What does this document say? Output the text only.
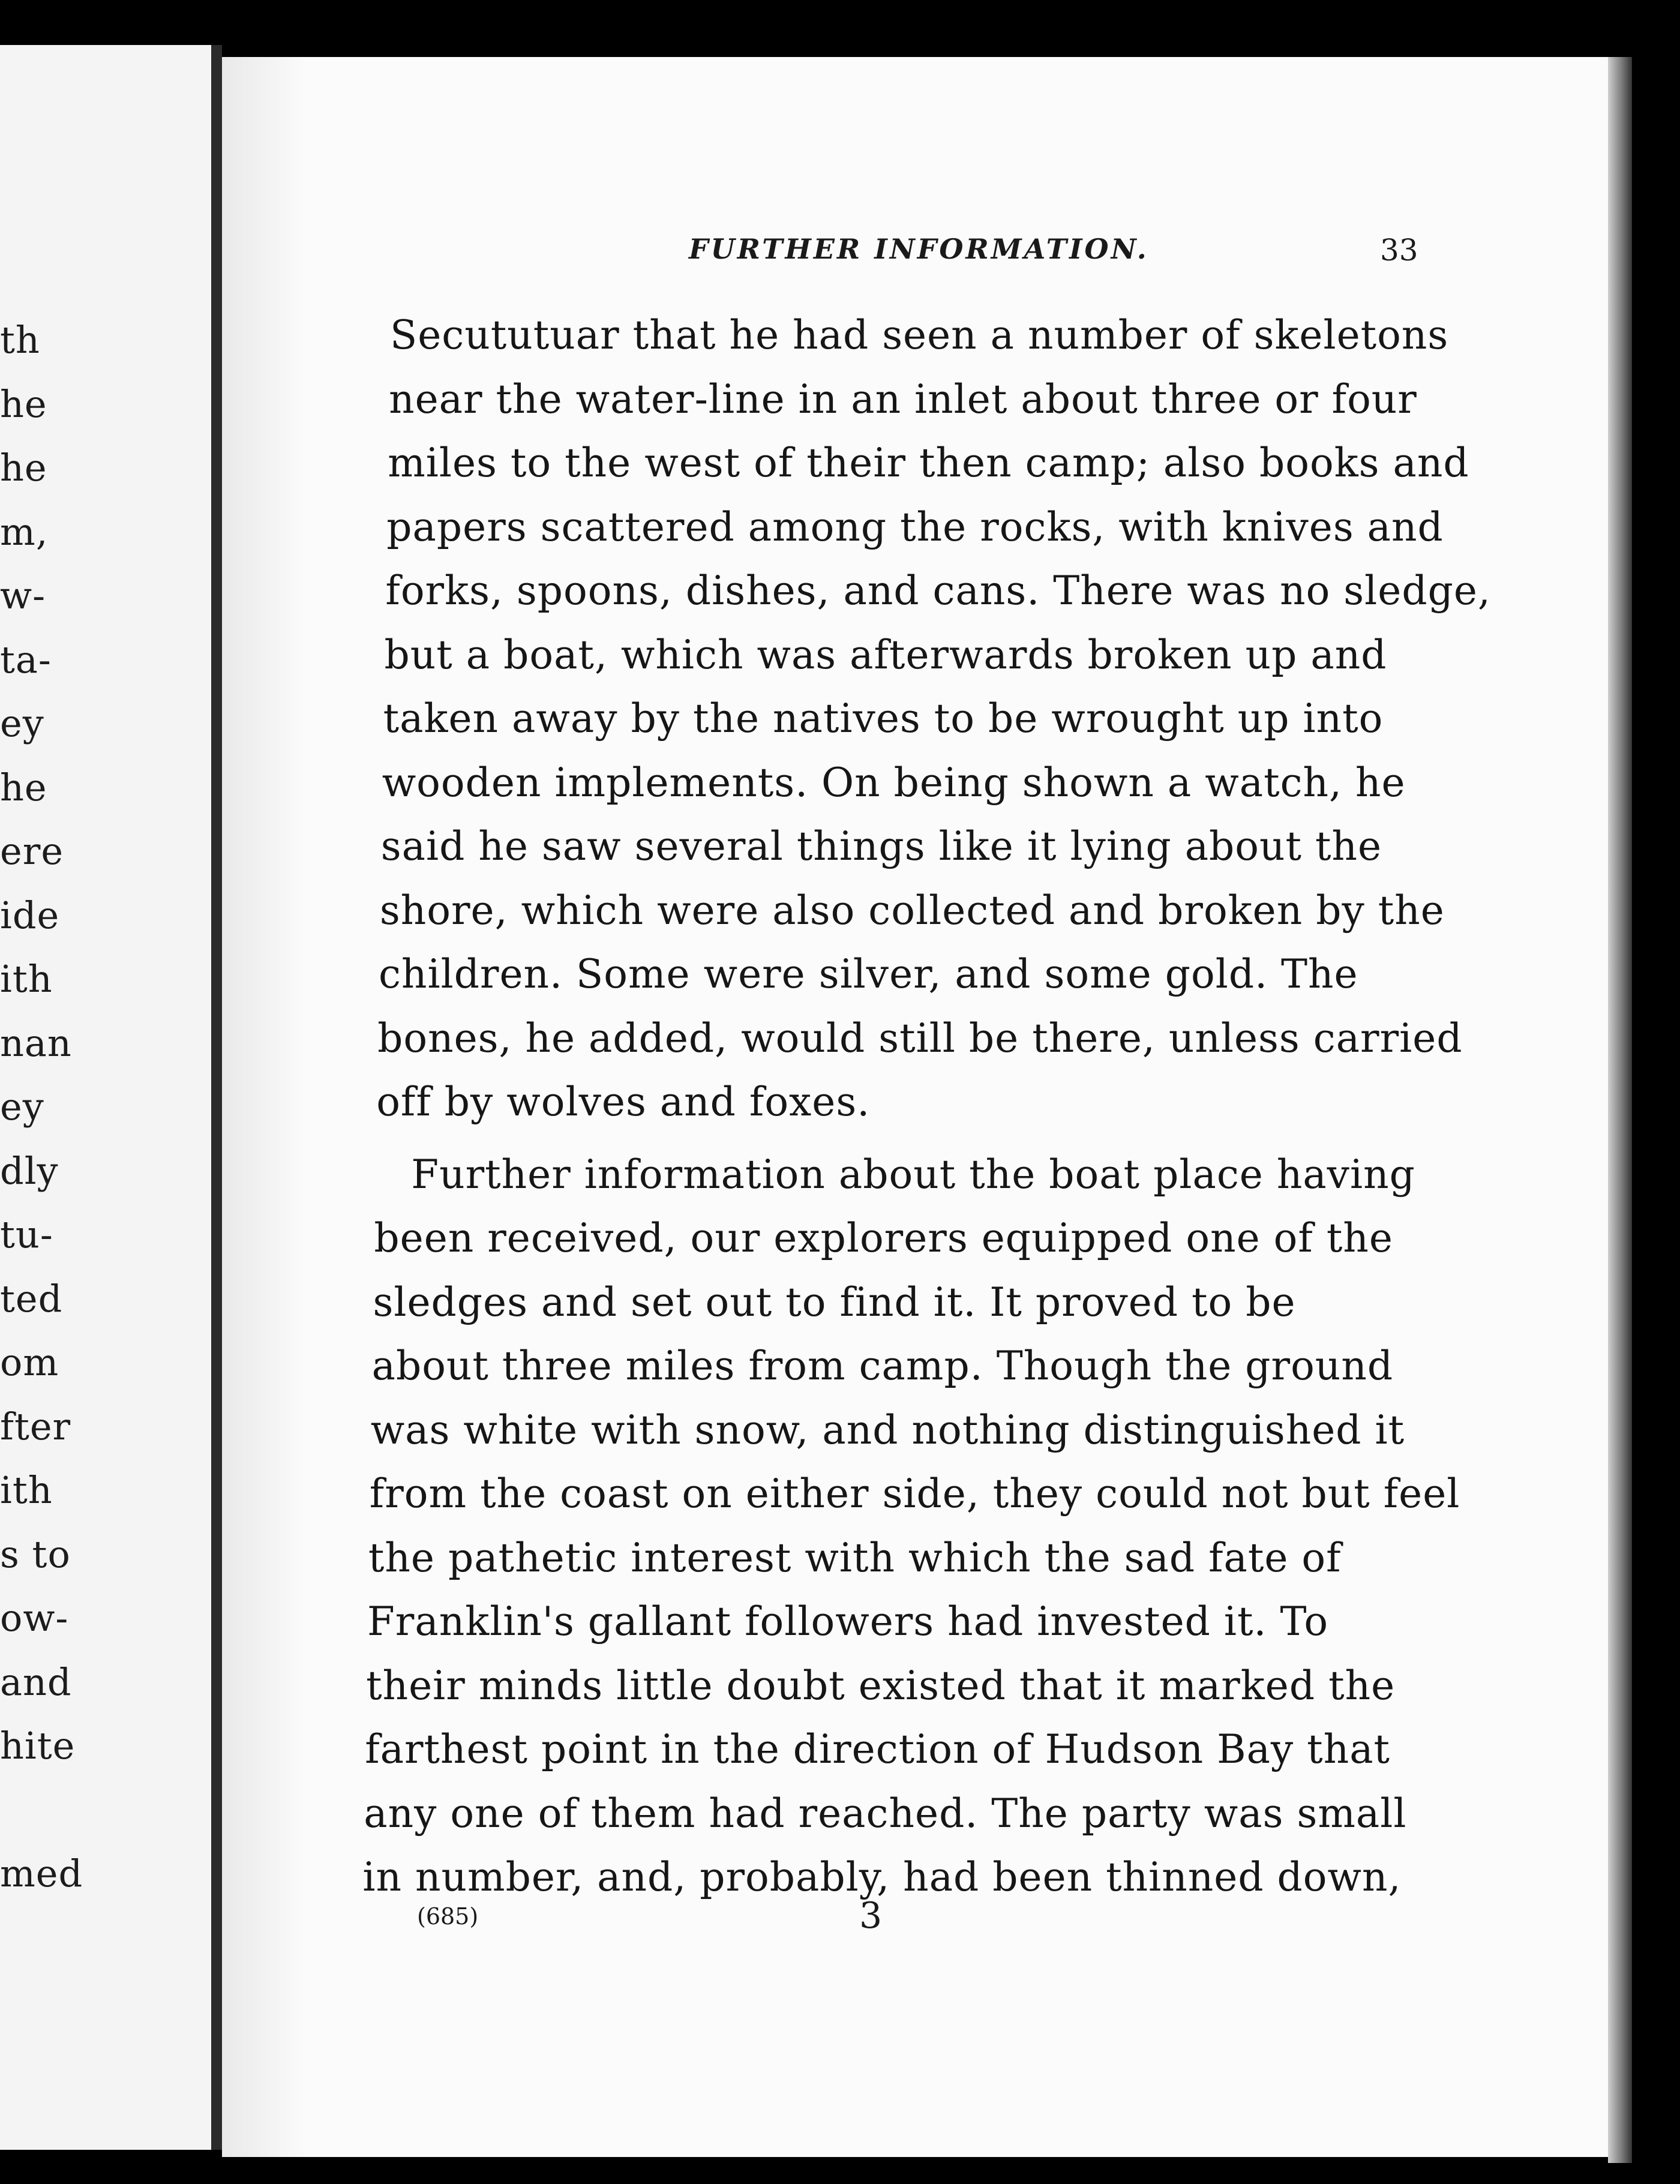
th
he
he
m,
w-
ta-
ey
he
ere
ide
ith
nan
ey
dly
tu-
ted
om
fter
ith
s to
ow-
and
hite
med
FURTHER INFORMATION.	33
Secututuar that he had seen a number of skeletons
near the water-line in an inlet about three or four
miles to the west of their then camp; also books and
papers scattered among the rocks, with knives and
forks, spoons, dishes, and cans. There was no sledge,
but a boat, which was afterwards broken up and
taken away by the natives to be wrought up into
wooden implements. On being shown a watch, he
said he saw several things like it lying about the
shore, which were also collected and broken by the
children. Some were silver, and some gold. The
bones, he added, would still be there, unless carried
off by wolves and foxes.
Further information about the boat place having
been received, our explorers equipped one of the
sledges and set out to find it. It proved to be
about three miles from camp. Though the ground
was white with snow, and nothing distinguished it
from the coast on either side, they could not but feel
the pathetic interest with which the sad fate of
Franklin's gallant followers had invested it. To
their minds little doubt existed that it marked the
farthest point in the direction of Hudson Bay that
any one of them had reached. The party was small
in number, and, probably, had been thinned down,
(685)	3
